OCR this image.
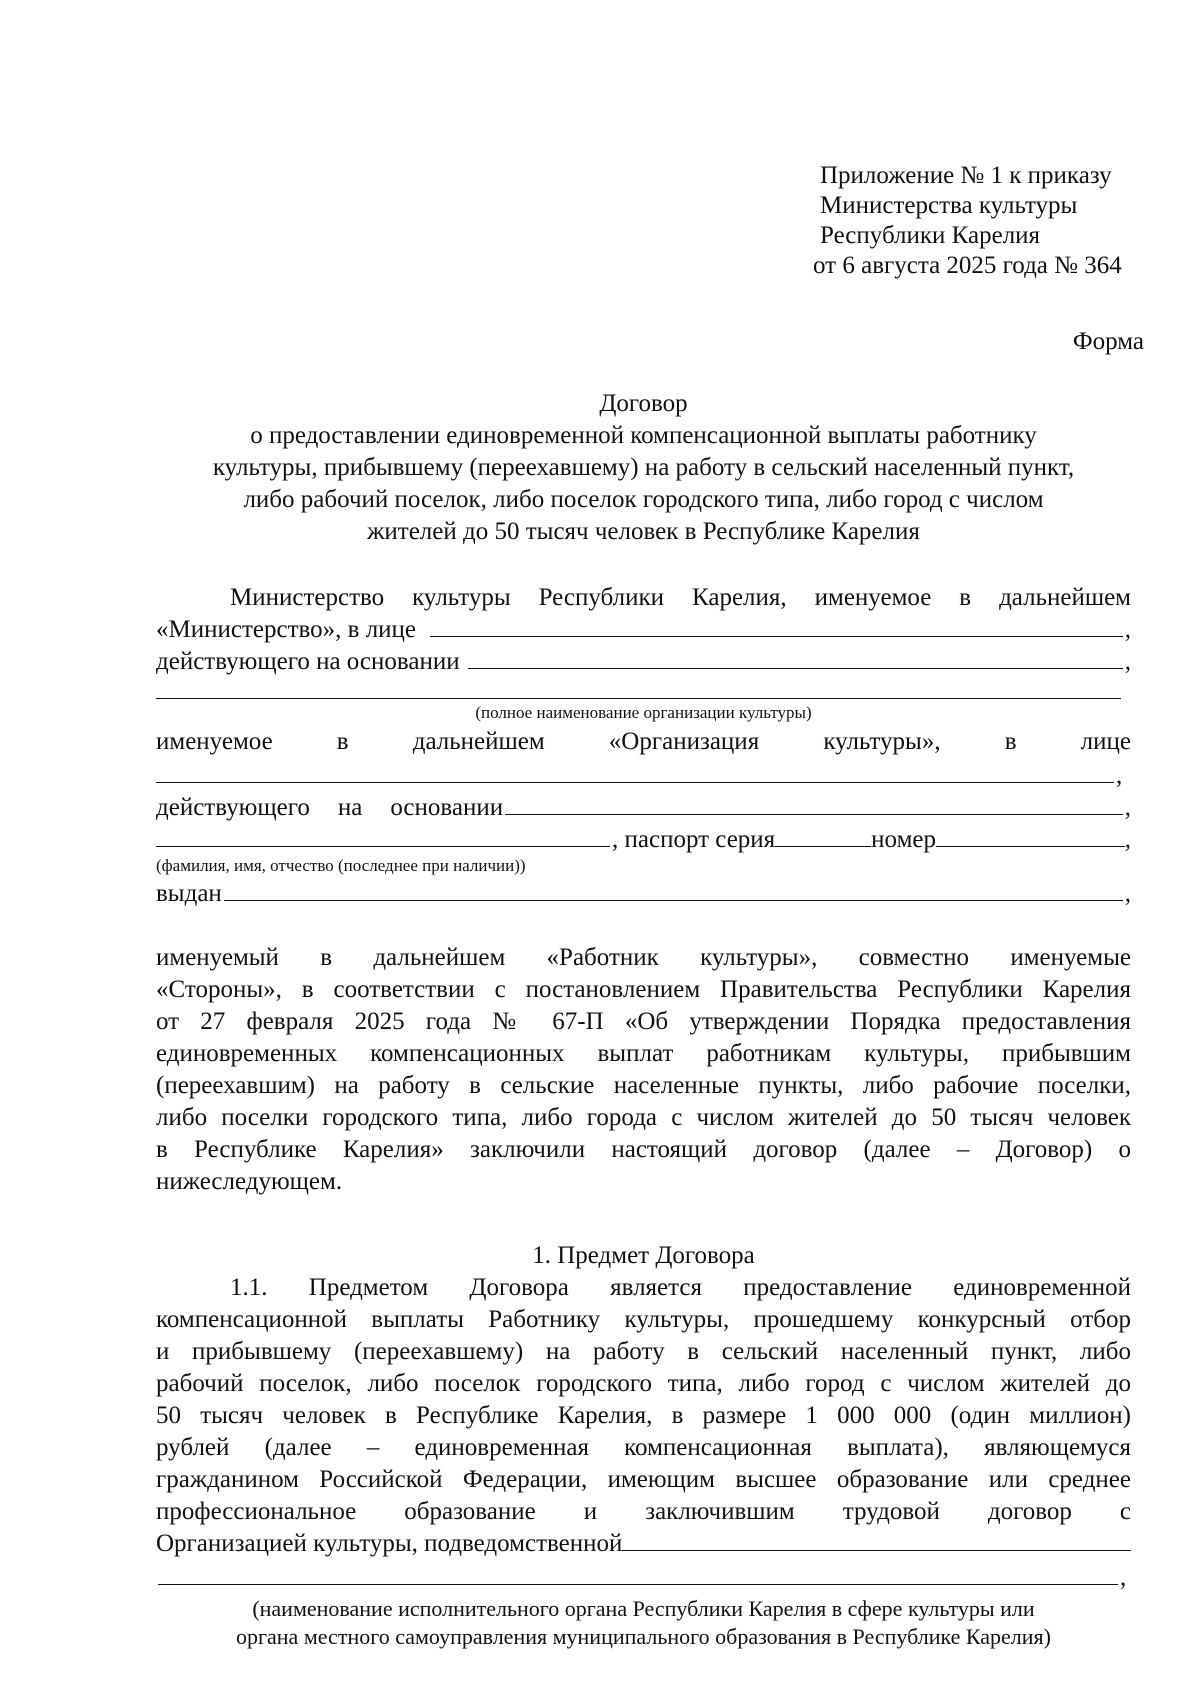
Приложение № 1 к приказу
Министерства культуры
Республики Карелия
от 6 августа 2025 года № 364
Форма
Договор
о предоставлении единовременной компенсационной выплаты работнику
культуры, прибывшему (переехавшему) на работу в сельский населенный пункт,
либо рабочий поселок, либо поселок городского типа, либо город с числом
жителей до 50 тысяч человек в Республике Карелия
Министерство культуры Республики Карелия, именуемое в дальнейшем
«Министерство», в лице	,
действующего на основании	,
(полное наименование организации культуры)
именуемое	в	дальнейшем	«Организация	культуры»,	в	лице
,
действующего на основании	,
, паспорт серия	номер	,
(фамилия, имя, отчество (последнее при наличии))
выдан	,
именуемый в дальнейшем «Работник культуры», совместно именуемые
«Стороны», в соответствии с постановлением Правительства Республики Карелия
от 27 февраля 2025 года № 67-П «Об утверждении Порядка предоставления
единовременных компенсационных выплат работникам культуры, прибывшим
(переехавшим) на работу в сельские населенные пункты, либо рабочие поселки,
либо поселки городского типа, либо города с числом жителей до 50 тысяч человек
в Республике Карелия» заключили настоящий договор (далее – Договор) о
нижеследующем.
1. Предмет Договора
1.1. Предметом Договора является предоставление единовременной
компенсационной выплаты Работнику культуры, прошедшему конкурсный отбор
и прибывшему (переехавшему) на работу в сельский населенный пункт, либо
рабочий поселок, либо поселок городского типа, либо город с числом жителей до
50 тысяч человек в Республике Карелия, в размере 1 000 000 (один миллион)
рублей (далее – единовременная компенсационная выплата), являющемуся
гражданином Российской Федерации, имеющим высшее образование или среднее
профессиональное образование и заключившим трудовой договор с
Организацией культуры, подведомственной
,
(наименование исполнительного органа Республики Карелия в сфере культуры или
органа местного самоуправления муниципального образования в Республике Карелия)
